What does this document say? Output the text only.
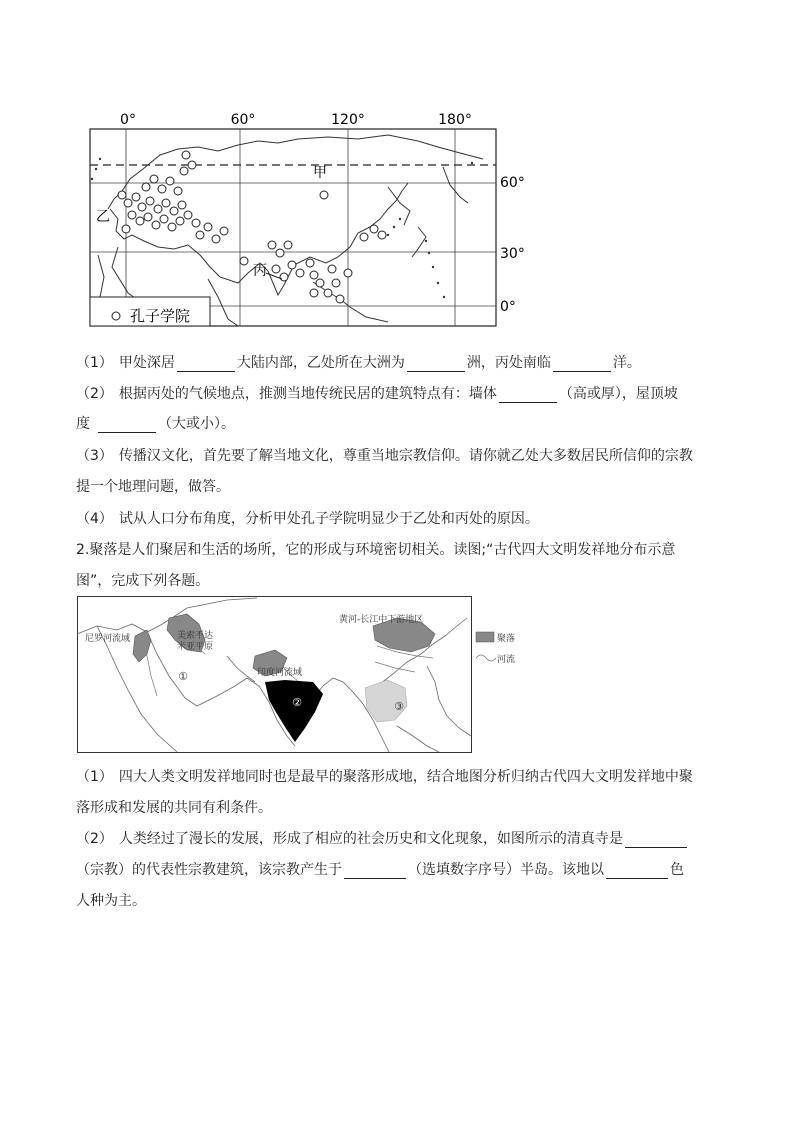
0°	60°	120°	180°
60°
30°
0°
甲
乙
丙
孔子学院
（1） 甲处深居	大陆内部，乙处所在大洲为	洲，丙处南临	洋。
（2） 根据丙处的气候地点，推测当地传统民居的建筑特点有：墙体	（高或厚），屋顶坡
度	（大或小）。
（3） 传播汉文化，首先要了解当地文化，尊重当地宗教信仰。请你就乙处大多数居民所信仰的宗教
提一个地理问题，做答。
（4） 试从人口分布角度，分析甲处孔子学院明显少于乙处和丙处的原因。
2.聚落是人们聚居和生活的场所，它的形成与环境密切相关。读图;“古代四大文明发祥地分布示意
图”，完成下列各题。
尼罗河流域	美索不达
米亚平原
印度河流域
黄河-长江中下游地区
①
②	③
聚落
河流
（1） 四大人类文明发祥地同时也是最早的聚落形成地，结合地图分析归纳古代四大文明发祥地中聚
落形成和发展的共同有利条件。
（2） 人类经过了漫长的发展，形成了相应的社会历史和文化现象，如图所示的清真寺是
（宗教）的代表性宗教建筑，该宗教产生于	（选填数字序号）半岛。该地以	色
人种为主。
